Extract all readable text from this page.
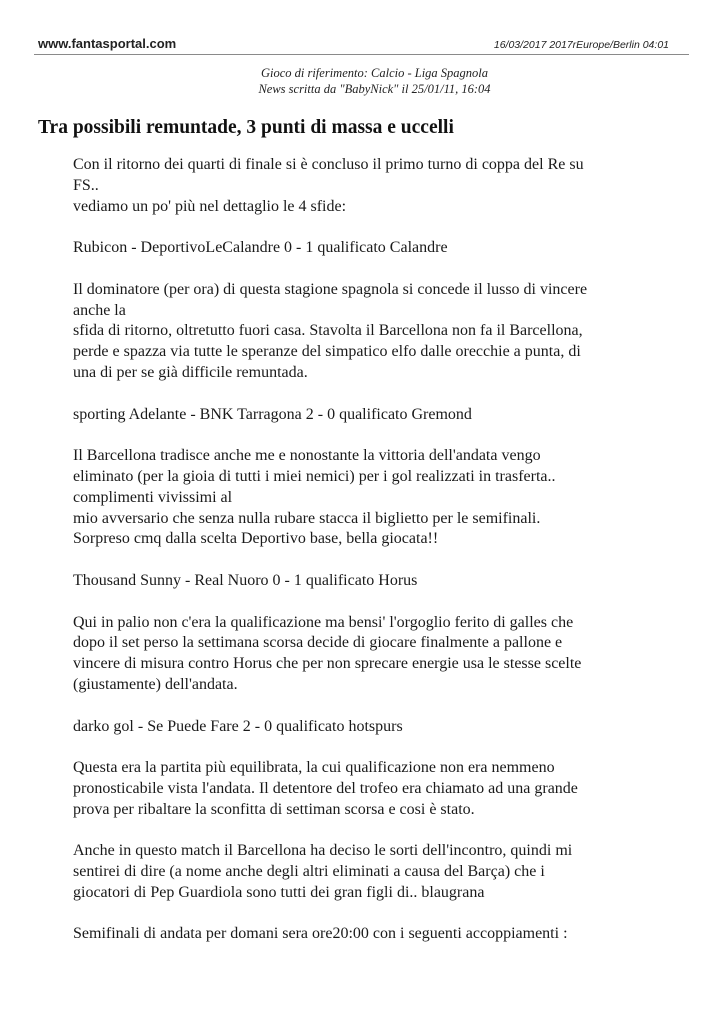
www.fantasportal.com	16/03/2017 2017rEurope/Berlin 04:01
Gioco di riferimento: Calcio - Liga Spagnola
News scritta da "BabyNick" il 25/01/11, 16:04
Tra possibili remuntade, 3 punti di massa e uccelli
Con il ritorno dei quarti di finale si è concluso il primo turno di coppa del Re su
FS..
vediamo un po' più nel dettaglio le 4 sfide:
Rubicon - DeportivoLeCalandre 0 - 1 qualificato Calandre
Il dominatore (per ora) di questa stagione spagnola si concede il lusso di vincere
anche la
sfida di ritorno, oltretutto fuori casa. Stavolta il Barcellona non fa il Barcellona,
perde e spazza via tutte le speranze del simpatico elfo dalle orecchie a punta, di
una di per se già difficile remuntada.
sporting Adelante - BNK Tarragona 2 - 0 qualificato Gremond
Il Barcellona tradisce anche me e nonostante la vittoria dell'andata vengo
eliminato (per la gioia di tutti i miei nemici) per i gol realizzati in trasferta..
complimenti vivissimi al
mio avversario che senza nulla rubare stacca il biglietto per le semifinali.
Sorpreso cmq dalla scelta Deportivo base, bella giocata!!
Thousand Sunny - Real Nuoro 0 - 1 qualificato Horus
Qui in palio non c'era la qualificazione ma bensi' l'orgoglio ferito di galles che
dopo il set perso la settimana scorsa decide di giocare finalmente a pallone e
vincere di misura contro Horus che per non sprecare energie usa le stesse scelte
(giustamente) dell'andata.
darko gol - Se Puede Fare 2 - 0 qualificato hotspurs
Questa era la partita più equilibrata, la cui qualificazione non era nemmeno
pronosticabile vista l'andata. Il detentore del trofeo era chiamato ad una grande
prova per ribaltare la sconfitta di settiman scorsa e cosi è stato.
Anche in questo match il Barcellona ha deciso le sorti dell'incontro, quindi mi
sentirei di dire (a nome anche degli altri eliminati a causa del Barça) che i
giocatori di Pep Guardiola sono tutti dei gran figli di.. blaugrana
Semifinali di andata per domani sera ore20:00 con i seguenti accoppiamenti :
